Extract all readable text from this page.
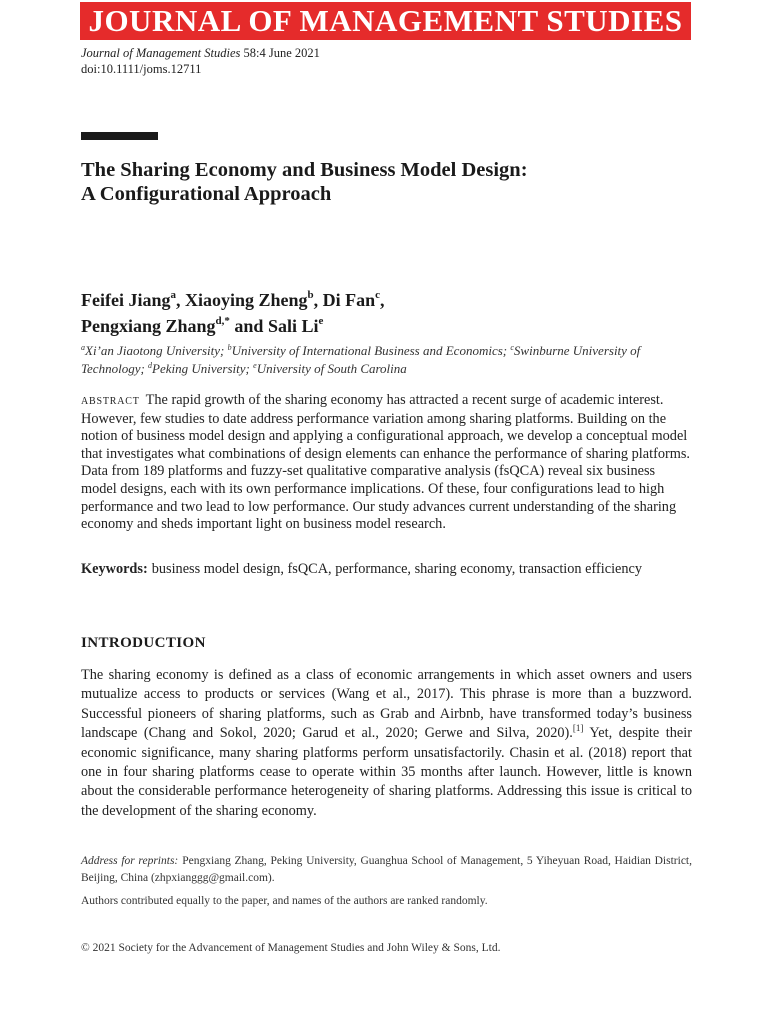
JOURNAL OF MANAGEMENT STUDIES
Journal of Management Studies 58:4 June 2021
doi:10.1111/joms.12711
The Sharing Economy and Business Model Design:
A Configurational Approach
Feifei Jiang$^a$, Xiaoying Zheng$^b$, Di Fan$^c$,
Pengxiang Zhang$^{d,*}$ and Sali Li$^e$
$^a$Xi’an Jiaotong University; $^b$University of International Business and Economics; $^c$Swinburne University of Technology; $^d$Peking University; $^e$University of South Carolina
ABSTRACT The rapid growth of the sharing economy has attracted a recent surge of academic interest. However, few studies to date address performance variation among sharing platforms. Building on the notion of business model design and applying a configurational approach, we develop a conceptual model that investigates what combinations of design elements can enhance the performance of sharing platforms. Data from 189 platforms and fuzzy-set qualitative comparative analysis (fsQCA) reveal six business model designs, each with its own performance implications. Of these, four configurations lead to high performance and two lead to low performance. Our study advances current understanding of the sharing economy and sheds important light on business model research.
Keywords: business model design, fsQCA, performance, sharing economy, transaction efficiency
INTRODUCTION
The sharing economy is defined as a class of economic arrangements in which asset owners and users mutualize access to products or services (Wang et al., 2017). This phrase is more than a buzzword. Successful pioneers of sharing platforms, such as Grab and Airbnb, have transformed today’s business landscape (Chang and Sokol, 2020; Garud et al., 2020; Gerwe and Silva, 2020).[1] Yet, despite their economic significance, many sharing platforms perform unsatisfactorily. Chasin et al. (2018) report that one in four sharing platforms cease to operate within 35 months after launch. However, little is known about the considerable performance heterogeneity of sharing platforms. Addressing this issue is critical to the development of the sharing economy.
Address for reprints: Pengxiang Zhang, Peking University, Guanghua School of Management, 5 Yiheyuan Road, Haidian District, Beijing, China (zhpxianggg@gmail.com).
Authors contributed equally to the paper, and names of the authors are ranked randomly.
© 2021 Society for the Advancement of Management Studies and John Wiley & Sons, Ltd.
